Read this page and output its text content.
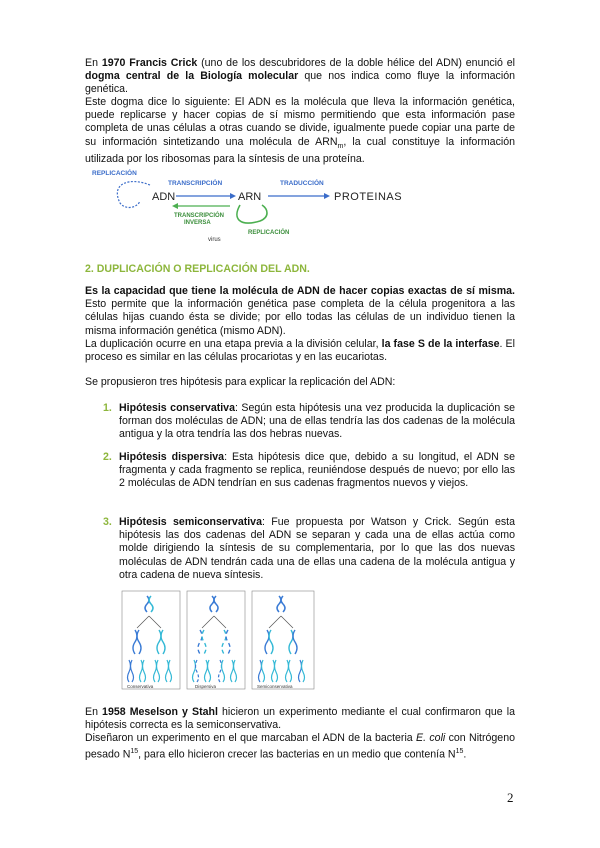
En 1970 Francis Crick (uno de los descubridores de la doble hélice del ADN) enunció el dogma central de la Biología molecular que nos indica como fluye la información genética.
Este dogma dice lo siguiente: El ADN es la molécula que lleva la información genética, puede replicarse y hacer copias de sí mismo permitiendo que esta información pase completa de unas células a otras cuando se divide, igualmente puede copiar una parte de su información sintetizando una molécula de $ARN_m$, la cual constituye la información utilizada por los ribosomas para la síntesis de una proteína.
REPLICACIÓN
TRANSCRIPCIÓN
ADN	ARN
TRADUCCIÓN
PROTEINAS
TRANSCRIPCIÓN
INVERSA
REPLICACIÓN
virus
2. DUPLICACIÓN O REPLICACIÓN DEL ADN.
Es la capacidad que tiene la molécula de ADN de hacer copias exactas de sí misma. Esto permite que la información genética pase completa de la célula progenitora a las células hijas cuando ésta se divide; por ello todas las células de un individuo tienen la misma información genética (mismo ADN).
La duplicación ocurre en una etapa previa a la división celular, la fase S de la interfase. El proceso es similar en las células procariotas y en las eucariotas.
Se propusieron tres hipótesis para explicar la replicación del ADN:
1. Hipótesis conservativa: Según esta hipótesis una vez producida la duplicación se forman dos moléculas de ADN; una de ellas tendría las dos cadenas de la molécula antigua y la otra tendría las dos hebras nuevas.
2. Hipótesis dispersiva: Esta hipótesis dice que, debido a su longitud, el ADN se fragmenta y cada fragmento se replica, reuniéndose después de nuevo; por ello las 2 moléculas de ADN tendrían en sus cadenas fragmentos nuevos y viejos.
3. Hipótesis semiconservativa: Fue propuesta por Watson y Crick. Según esta hipótesis las dos cadenas del ADN se separan y cada una de ellas actúa como molde dirigiendo la síntesis de su complementaria, por lo que las dos nuevas moléculas de ADN tendrán cada una de ellas una cadena de la molécula antigua y otra cadena de nueva síntesis.
Conservativa	Dispersiva	Semiconservativa
En 1958 Meselson y Stahl hicieron un experimento mediante el cual confirmaron que la hipótesis correcta es la semiconservativa.
Diseñaron un experimento en el que marcaban el ADN de la bacteria E. coli con Nitrógeno pesado $N^{15}$, para ello hicieron crecer las bacterias en un medio que contenía $N^{15}$.
2
